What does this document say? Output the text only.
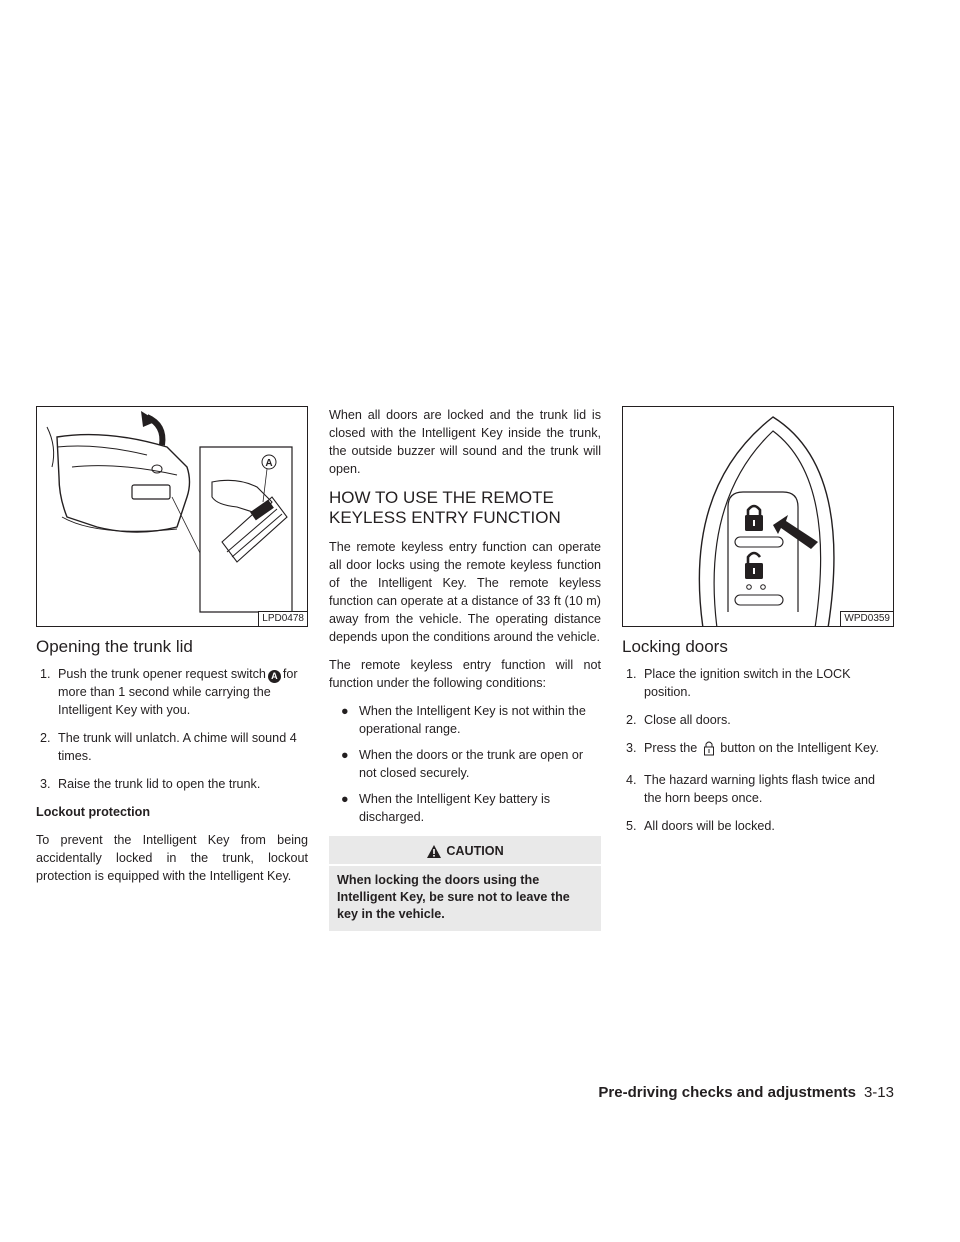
A
LPD0478
Opening the trunk lid
1. Push the trunk opener request switch A for more than 1 second while carrying the Intelligent Key with you.
2. The trunk will unlatch. A chime will sound 4 times.
3. Raise the trunk lid to open the trunk.
Lockout protection

To prevent the Intelligent Key from being accidentally locked in the trunk, lockout protection is equipped with the Intelligent Key.

When all doors are locked and the trunk lid is closed with the Intelligent Key inside the trunk, the outside buzzer will sound and the trunk will open.

HOW TO USE THE REMOTE KEYLESS ENTRY FUNCTION

The remote keyless entry function can operate all door locks using the remote keyless function of the Intelligent Key. The remote keyless function can operate at a distance of 33 ft (10 m) away from the vehicle. The operating distance depends upon the conditions around the vehicle.

The remote keyless entry function will not function under the following conditions:

● When the Intelligent Key is not within the operational range.
● When the doors or the trunk are open or not closed securely.
● When the Intelligent Key battery is discharged.
CAUTION
When locking the doors using the Intelligent Key, be sure not to leave the key in the vehicle.
WPD0359
Locking doors
1. Place the ignition switch in the LOCK position.
2. Close all doors.
3. Press the button on the Intelligent Key.
4. The hazard warning lights flash twice and the horn beeps once.
5. All doors will be locked.
Pre-driving checks and adjustments 3-13
